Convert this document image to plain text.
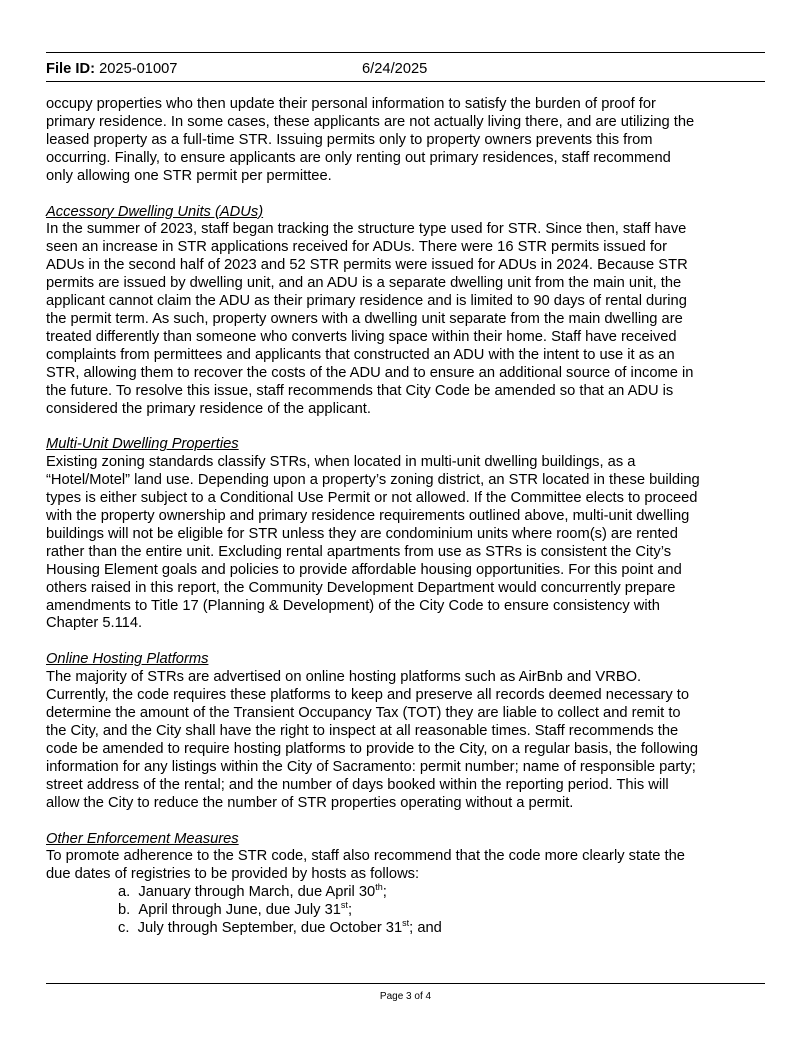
File ID: 2025-01007	6/24/2025

occupy properties who then update their personal information to satisfy the burden of proof for

primary residence. In some cases, these applicants are not actually living there, and are utilizing the

leased property as a full-time STR. Issuing permits only to property owners prevents this from

occurring. Finally, to ensure applicants are only renting out primary residences, staff recommend

only allowing one STR permit per permittee.

Accessory Dwelling Units (ADUs)

In the summer of 2023, staff began tracking the structure type used for STR. Since then, staff have

seen an increase in STR applications received for ADUs. There were 16 STR permits issued for

ADUs in the second half of 2023 and 52 STR permits were issued for ADUs in 2024. Because STR

permits are issued by dwelling unit, and an ADU is a separate dwelling unit from the main unit, the

applicant cannot claim the ADU as their primary residence and is limited to 90 days of rental during

the permit term. As such, property owners with a dwelling unit separate from the main dwelling are

treated differently than someone who converts living space within their home. Staff have received

complaints from permittees and applicants that constructed an ADU with the intent to use it as an

STR, allowing them to recover the costs of the ADU and to ensure an additional source of income in

the future. To resolve this issue, staff recommends that City Code be amended so that an ADU is

considered the primary residence of the applicant.

Multi-Unit Dwelling Properties

Existing zoning standards classify STRs, when located in multi-unit dwelling buildings, as a

“Hotel/Motel” land use. Depending upon a property’s zoning district, an STR located in these building

types is either subject to a Conditional Use Permit or not allowed. If the Committee elects to proceed

with the property ownership and primary residence requirements outlined above, multi-unit dwelling

buildings will not be eligible for STR unless they are condominium units where room(s) are rented

rather than the entire unit. Excluding rental apartments from use as STRs is consistent the City’s

Housing Element goals and policies to provide affordable housing opportunities. For this point and

others raised in this report, the Community Development Department would concurrently prepare

amendments to Title 17 (Planning & Development) of the City Code to ensure consistency with

Chapter 5.114.

Online Hosting Platforms

The majority of STRs are advertised on online hosting platforms such as AirBnb and VRBO.

Currently, the code requires these platforms to keep and preserve all records deemed necessary to

determine the amount of the Transient Occupancy Tax (TOT) they are liable to collect and remit to

the City, and the City shall have the right to inspect at all reasonable times. Staff recommends the

code be amended to require hosting platforms to provide to the City, on a regular basis, the following

information for any listings within the City of Sacramento: permit number; name of responsible party;

street address of the rental; and the number of days booked within the reporting period. This will

allow the City to reduce the number of STR properties operating without a permit.

Other Enforcement Measures

To promote adherence to the STR code, staff also recommend that the code more clearly state the

due dates of registries to be provided by hosts as follows:

a. January through March, due April 30th;

b. April through June, due July 31st;

c. July through September, due October 31st; and

Page 3 of 4
